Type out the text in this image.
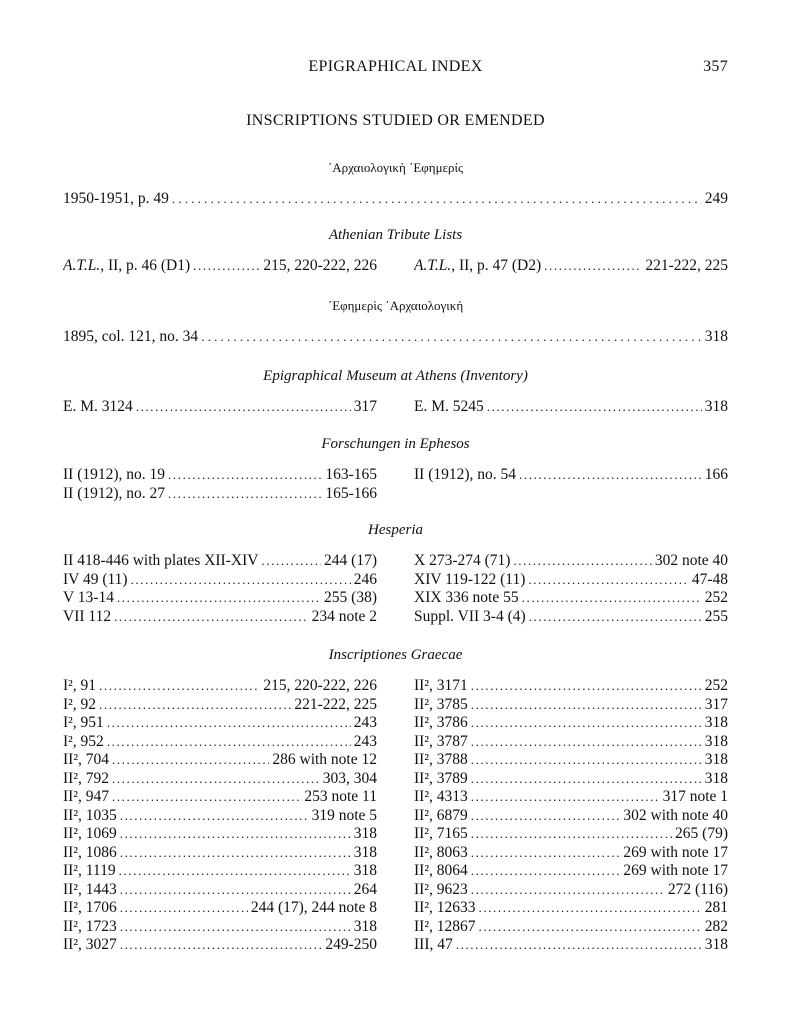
EPIGRAPHICAL INDEX	357
INSCRIPTIONS STUDIED OR EMENDED
᾿Αρχαιολογικὴ ᾿Εφημερίς
1950-1951, p. 49 .....	249
Athenian Tribute Lists
A.T.L., II, p. 46 (D1) .....	215, 220-222, 226 A.T.L., II, p. 47 (D2) .....	221-222, 225
᾿Εφημερὶς ᾿Αρχαιολογική
1895, col. 121, no. 34 .....	318
Epigraphical Museum at Athens (Inventory)
E. M. 3124 .....	317 E. M. 5245 .....	318
Forschungen in Ephesos
II (1912), no. 19 .....	163-165
II (1912), no. 27 .....	165-166
II (1912), no. 54 .....	166
Hesperia
II 418-446 with plates XII-XIV .....	244 (17)
IV 49 (11) .....	246
V 13-14 .....	255 (38)
VII 112 .....	234 note 2
X 273-274 (71) .....	302 note 40
XIV 119-122 (11) .....	47-48
XIX 336 note 55 .....	252
Suppl. VII 3-4 (4) .....	255
Inscriptiones Graecae
I², 91 .....	215, 220-222, 226
I², 92 .....	221-222, 225
I², 951 .....	243
I², 952 .....	243
II², 704 .....	286 with note 12
II², 792 .....	303, 304
II², 947 .....	253 note 11
II², 1035 .....	319 note 5
II², 1069 .....	318
II², 1086 .....	318
II², 1119 .....	318
II², 1443 .....	264
II², 1706 .....	244 (17), 244 note 8
II², 1723 .....	318
II², 3027 .....	249-250
II², 3171 .....	252
II², 3785 .....	317
II², 3786 .....	318
II², 3787 .....	318
II², 3788 .....	318
II², 3789 .....	318
II², 4313 .....	317 note 1
II², 6879 .....	302 with note 40
II², 7165 .....	265 (79)
II², 8063 .....	269 with note 17
II², 8064 .....	269 with note 17
II², 9623 .....	272 (116)
II², 12633 .....	281
II², 12867 .....	282
III, 47 .....	318
